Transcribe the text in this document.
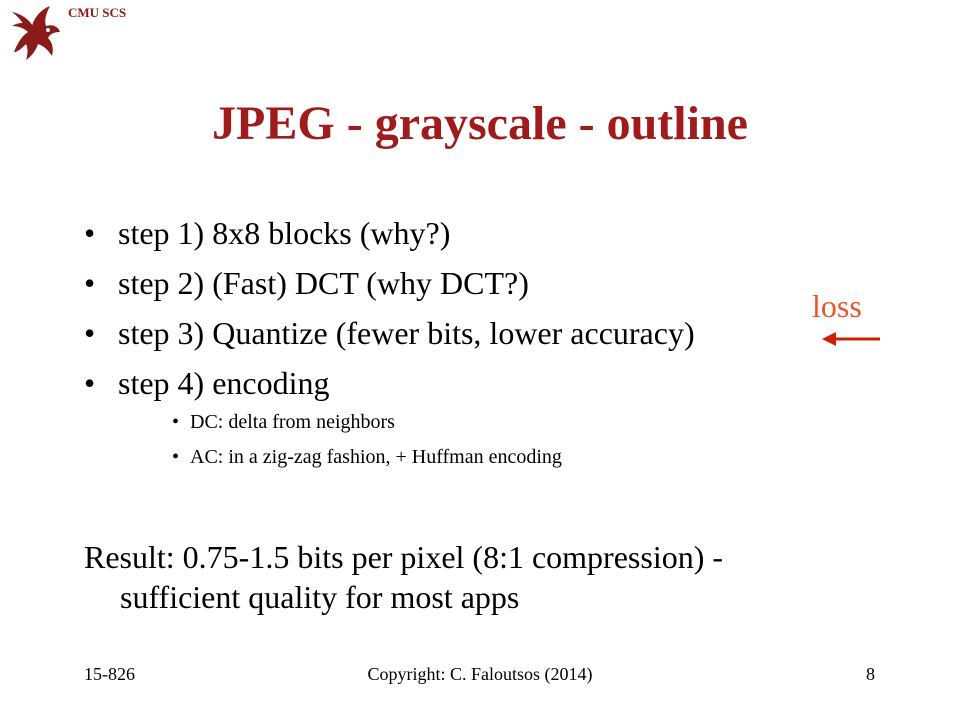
CMU SCS
JPEG - grayscale - outline
• step 1) 8x8 blocks (why?)
• step 2) (Fast) DCT (why DCT?)
• step 3) Quantize (fewer bits, lower accuracy)
• step 4) encoding
• DC: delta from neighbors
• AC: in a zig-zag fashion, + Huffman encoding
Result: 0.75-1.5 bits per pixel (8:1 compression) -
sufficient quality for most apps
loss
15-826	Copyright: C. Faloutsos (2014)	8
